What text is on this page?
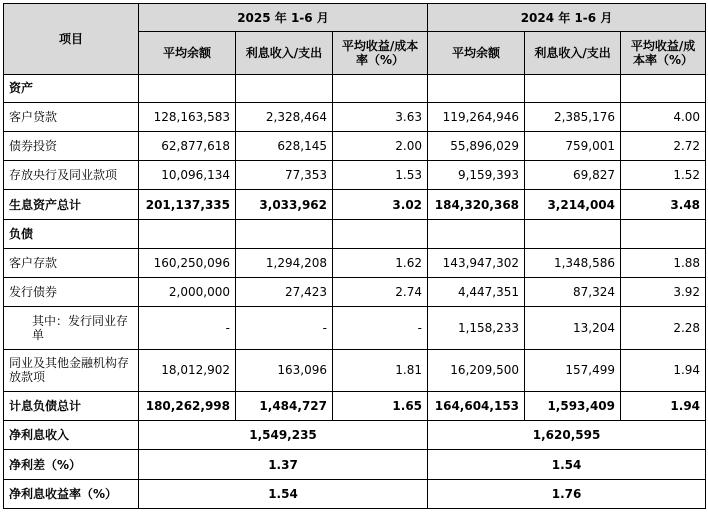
项目	2025 年 1-6 月			2024 年 1-6 月		
	平均余额	利息收入/支出	平均收益/成本率（%）	平均余额	利息收入/支出	平均收益/成本率（%）
资产						
客户贷款	128,163,583	2,328,464	3.63	119,264,946	2,385,176	4.00
债券投资	62,877,618	628,145	2.00	55,896,029	759,001	2.72
存放央行及同业款项	10,096,134	77,353	1.53	9,159,393	69,827	1.52
生息资产总计	201,137,335	3,033,962	3.02	184,320,368	3,214,004	3.48
负债						
客户存款	160,250,096	1,294,208	1.62	143,947,302	1,348,586	1.88
发行债券	2,000,000	27,423	2.74	4,447,351	87,324	3.92
其中：发行同业存单	-	-	-	1,158,233	13,204	2.28
同业及其他金融机构存放款项	18,012,902	163,096	1.81	16,209,500	157,499	1.94
计息负债总计	180,262,998	1,484,727	1.65	164,604,153	1,593,409	1.94
净利息收入	1,549,235			1,620,595		
净利差（%）	1.37			1.54		
净利息收益率（%）	1.54			1.76		
